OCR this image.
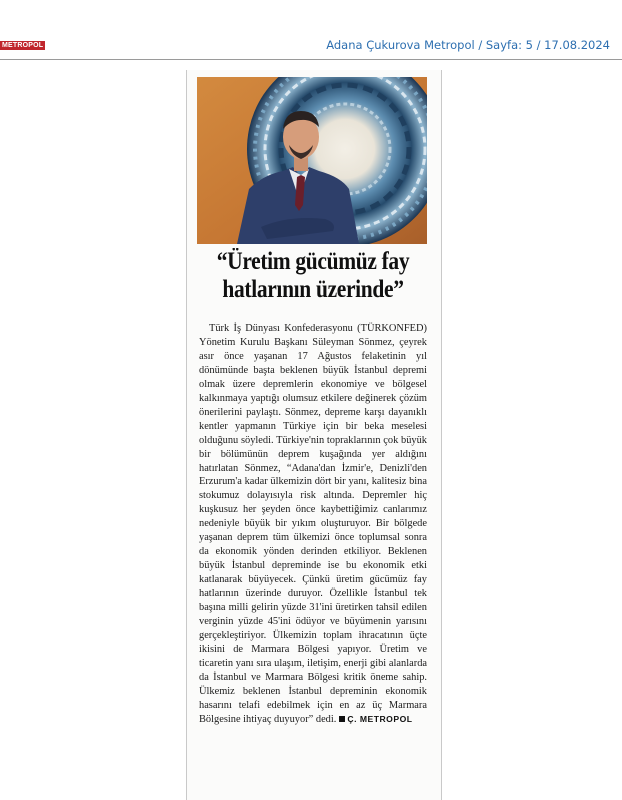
METROPOL	Adana Çukurova Metropol / Sayfa: 5 / 17.08.2024
“Üretim gücümüz fay
hatlarının üzerinde”

Türk İş Dünyası Konfederasyonu (TÜRKONFED) Yönetim Kurulu Başkanı Süleyman Sönmez, çeyrek asır önce yaşanan 17 Ağustos felaketinin yıl dönümünde başta beklenen büyük İstanbul depremi olmak üzere depremlerin ekonomiye ve bölgesel kalkınmaya yaptığı olumsuz etkilere değinerek çözüm önerilerini paylaştı. Sönmez, depreme karşı dayanıklı kentler yapmanın Türkiye için bir beka meselesi olduğunu söyledi. Türkiye'nin topraklarının çok büyük bir bölümünün deprem kuşağında yer aldığını hatırlatan Sönmez, “Adana'dan İzmir'e, Denizli'den Erzurum'a kadar ülkemizin dört bir yanı, kalitesiz bina stokumuz dolayısıyla risk altında. Depremler hiç kuşkusuz her şeyden önce kaybettiğimiz canlarımız nedeniyle büyük bir yıkım oluşturuyor. Bir bölgede yaşanan deprem tüm ülkemizi önce toplumsal sonra da ekonomik yönden derinden etkiliyor. Beklenen büyük İstanbul depreminde ise bu ekonomik etki katlanarak büyüyecek. Çünkü üretim gücümüz fay hatlarının üzerinde duruyor. Özellikle İstanbul tek başına milli gelirin yüzde 31'ini üretirken tahsil edilen verginin yüzde 45'ini ödüyor ve büyümenin yarısını gerçekleştiriyor. Ülkemizin toplam ihracatının üçte ikisini de Marmara Bölgesi yapıyor. Üretim ve ticaretin yanı sıra ulaşım, iletişim, enerji gibi alanlarda da İstanbul ve Marmara Bölgesi kritik öneme sahip. Ülkemiz beklenen İstanbul depreminin ekonomik hasarını telafi edebilmek için en az üç Marmara Bölgesine ihtiyaç duyuyor” dedi. Ç. METROPOL
